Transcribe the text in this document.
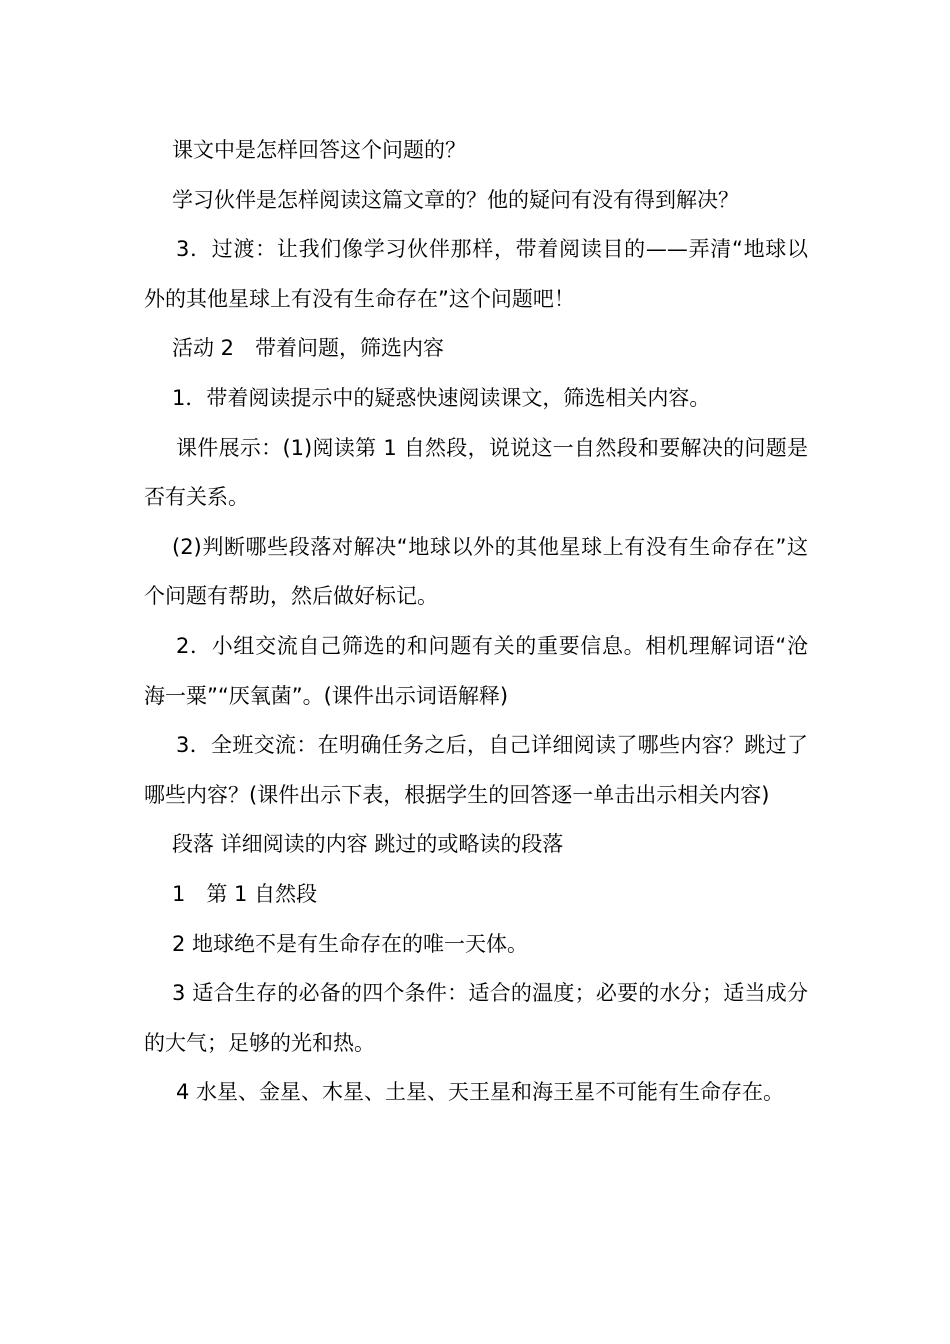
课文中是怎样回答这个问题的？

学习伙伴是怎样阅读这篇文章的？他的疑问有没有得到解决？

3．过渡：让我们像学习伙伴那样，带着阅读目的——弄清“地球以外的其他星球上有没有生命存在”这个问题吧！

活动 2　带着问题，筛选内容

1．带着阅读提示中的疑惑快速阅读课文，筛选相关内容。

课件展示：(1)阅读第 1 自然段，说说这一自然段和要解决的问题是否有关系。

(2)判断哪些段落对解决“地球以外的其他星球上有没有生命存在”这个问题有帮助，然后做好标记。

2．小组交流自己筛选的和问题有关的重要信息。相机理解词语“沧海一粟”“厌氧菌”。(课件出示词语解释)

3．全班交流：在明确任务之后，自己详细阅读了哪些内容？跳过了哪些内容？(课件出示下表，根据学生的回答逐一单击出示相关内容)

段落 详细阅读的内容 跳过的或略读的段落

1　第 1 自然段

2 地球绝不是有生命存在的唯一天体。

3 适合生存的必备的四个条件：适合的温度；必要的水分；适当成分的大气；足够的光和热。

4 水星、金星、木星、土星、天王星和海王星不可能有生命存在。
